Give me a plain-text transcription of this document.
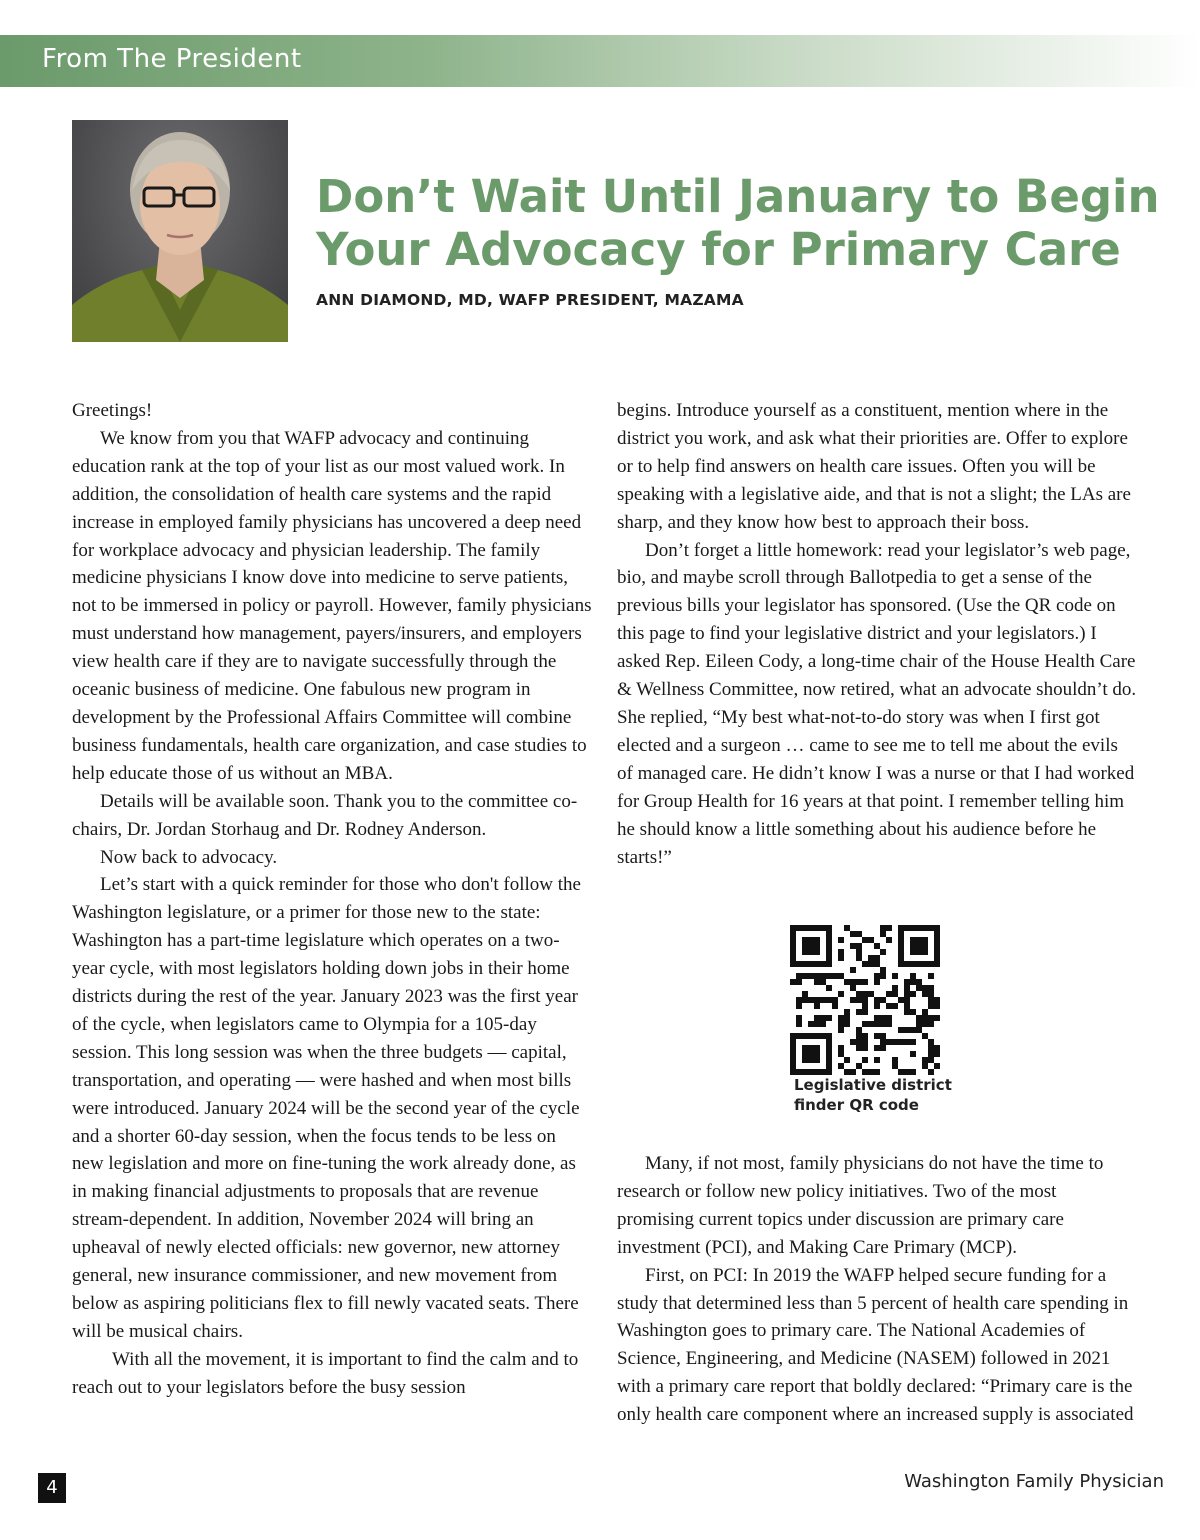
From The President
Don’t Wait Until January to Begin Your Advocacy for Primary Care
ANN DIAMOND, MD, WAFP PRESIDENT, MAZAMA

Greetings!

We know from you that WAFP advocacy and continuing education rank at the top of your list as our most valued work. In addition, the consolidation of health care systems and the rapid increase in employed family physicians has uncovered a deep need for workplace advocacy and physician leadership. The family medicine physicians I know dove into medicine to serve patients, not to be immersed in policy or payroll. However, family physicians must understand how management, payers/insurers, and employers view health care if they are to navigate successfully through the oceanic business of medicine. One fabulous new program in development by the Professional Affairs Committee will combine business fundamentals, health care organization, and case studies to help educate those of us without an MBA.

Details will be available soon. Thank you to the committee co-chairs, Dr. Jordan Storhaug and Dr. Rodney Anderson.

Now back to advocacy.

Let’s start with a quick reminder for those who don't follow the Washington legislature, or a primer for those new to the state: Washington has a part-time legislature which operates on a two-year cycle, with most legislators holding down jobs in their home districts during the rest of the year. January 2023 was the first year of the cycle, when legislators came to Olympia for a 105-day session. This long session was when the three budgets — capital, transportation, and operating — were hashed and when most bills were introduced. January 2024 will be the second year of the cycle and a shorter 60-day session, when the focus tends to be less on new legislation and more on fine-tuning the work already done, as in making financial adjustments to proposals that are revenue stream-dependent. In addition, November 2024 will bring an upheaval of newly elected officials: new governor, new attorney general, new insurance commissioner, and new movement from below as aspiring politicians flex to fill newly vacated seats. There will be musical chairs.

With all the movement, it is important to find the calm and to reach out to your legislators before the busy session

begins. Introduce yourself as a constituent, mention where in the district you work, and ask what their priorities are. Offer to explore or to help find answers on health care issues. Often you will be speaking with a legislative aide, and that is not a slight; the LAs are sharp, and they know how best to approach their boss.

Don’t forget a little homework: read your legislator’s web page, bio, and maybe scroll through Ballotpedia to get a sense of the previous bills your legislator has sponsored. (Use the QR code on this page to find your legislative district and your legislators.) I asked Rep. Eileen Cody, a long-time chair of the House Health Care & Wellness Committee, now retired, what an advocate shouldn’t do. She replied, “My best what-not-to-do story was when I first got elected and a surgeon … came to see me to tell me about the evils of managed care. He didn’t know I was a nurse or that I had worked for Group Health for 16 years at that point. I remember telling him he should know a little something about his audience before he starts!”

Legislative district finder QR code

Many, if not most, family physicians do not have the time to research or follow new policy initiatives. Two of the most promising current topics under discussion are primary care investment (PCI), and Making Care Primary (MCP).

First, on PCI: In 2019 the WAFP helped secure funding for a study that determined less than 5 percent of health care spending in Washington goes to primary care. The National Academies of Science, Engineering, and Medicine (NASEM) followed in 2021 with a primary care report that boldly declared: “Primary care is the only health care component where an increased supply is associated

4	Washington Family Physician
